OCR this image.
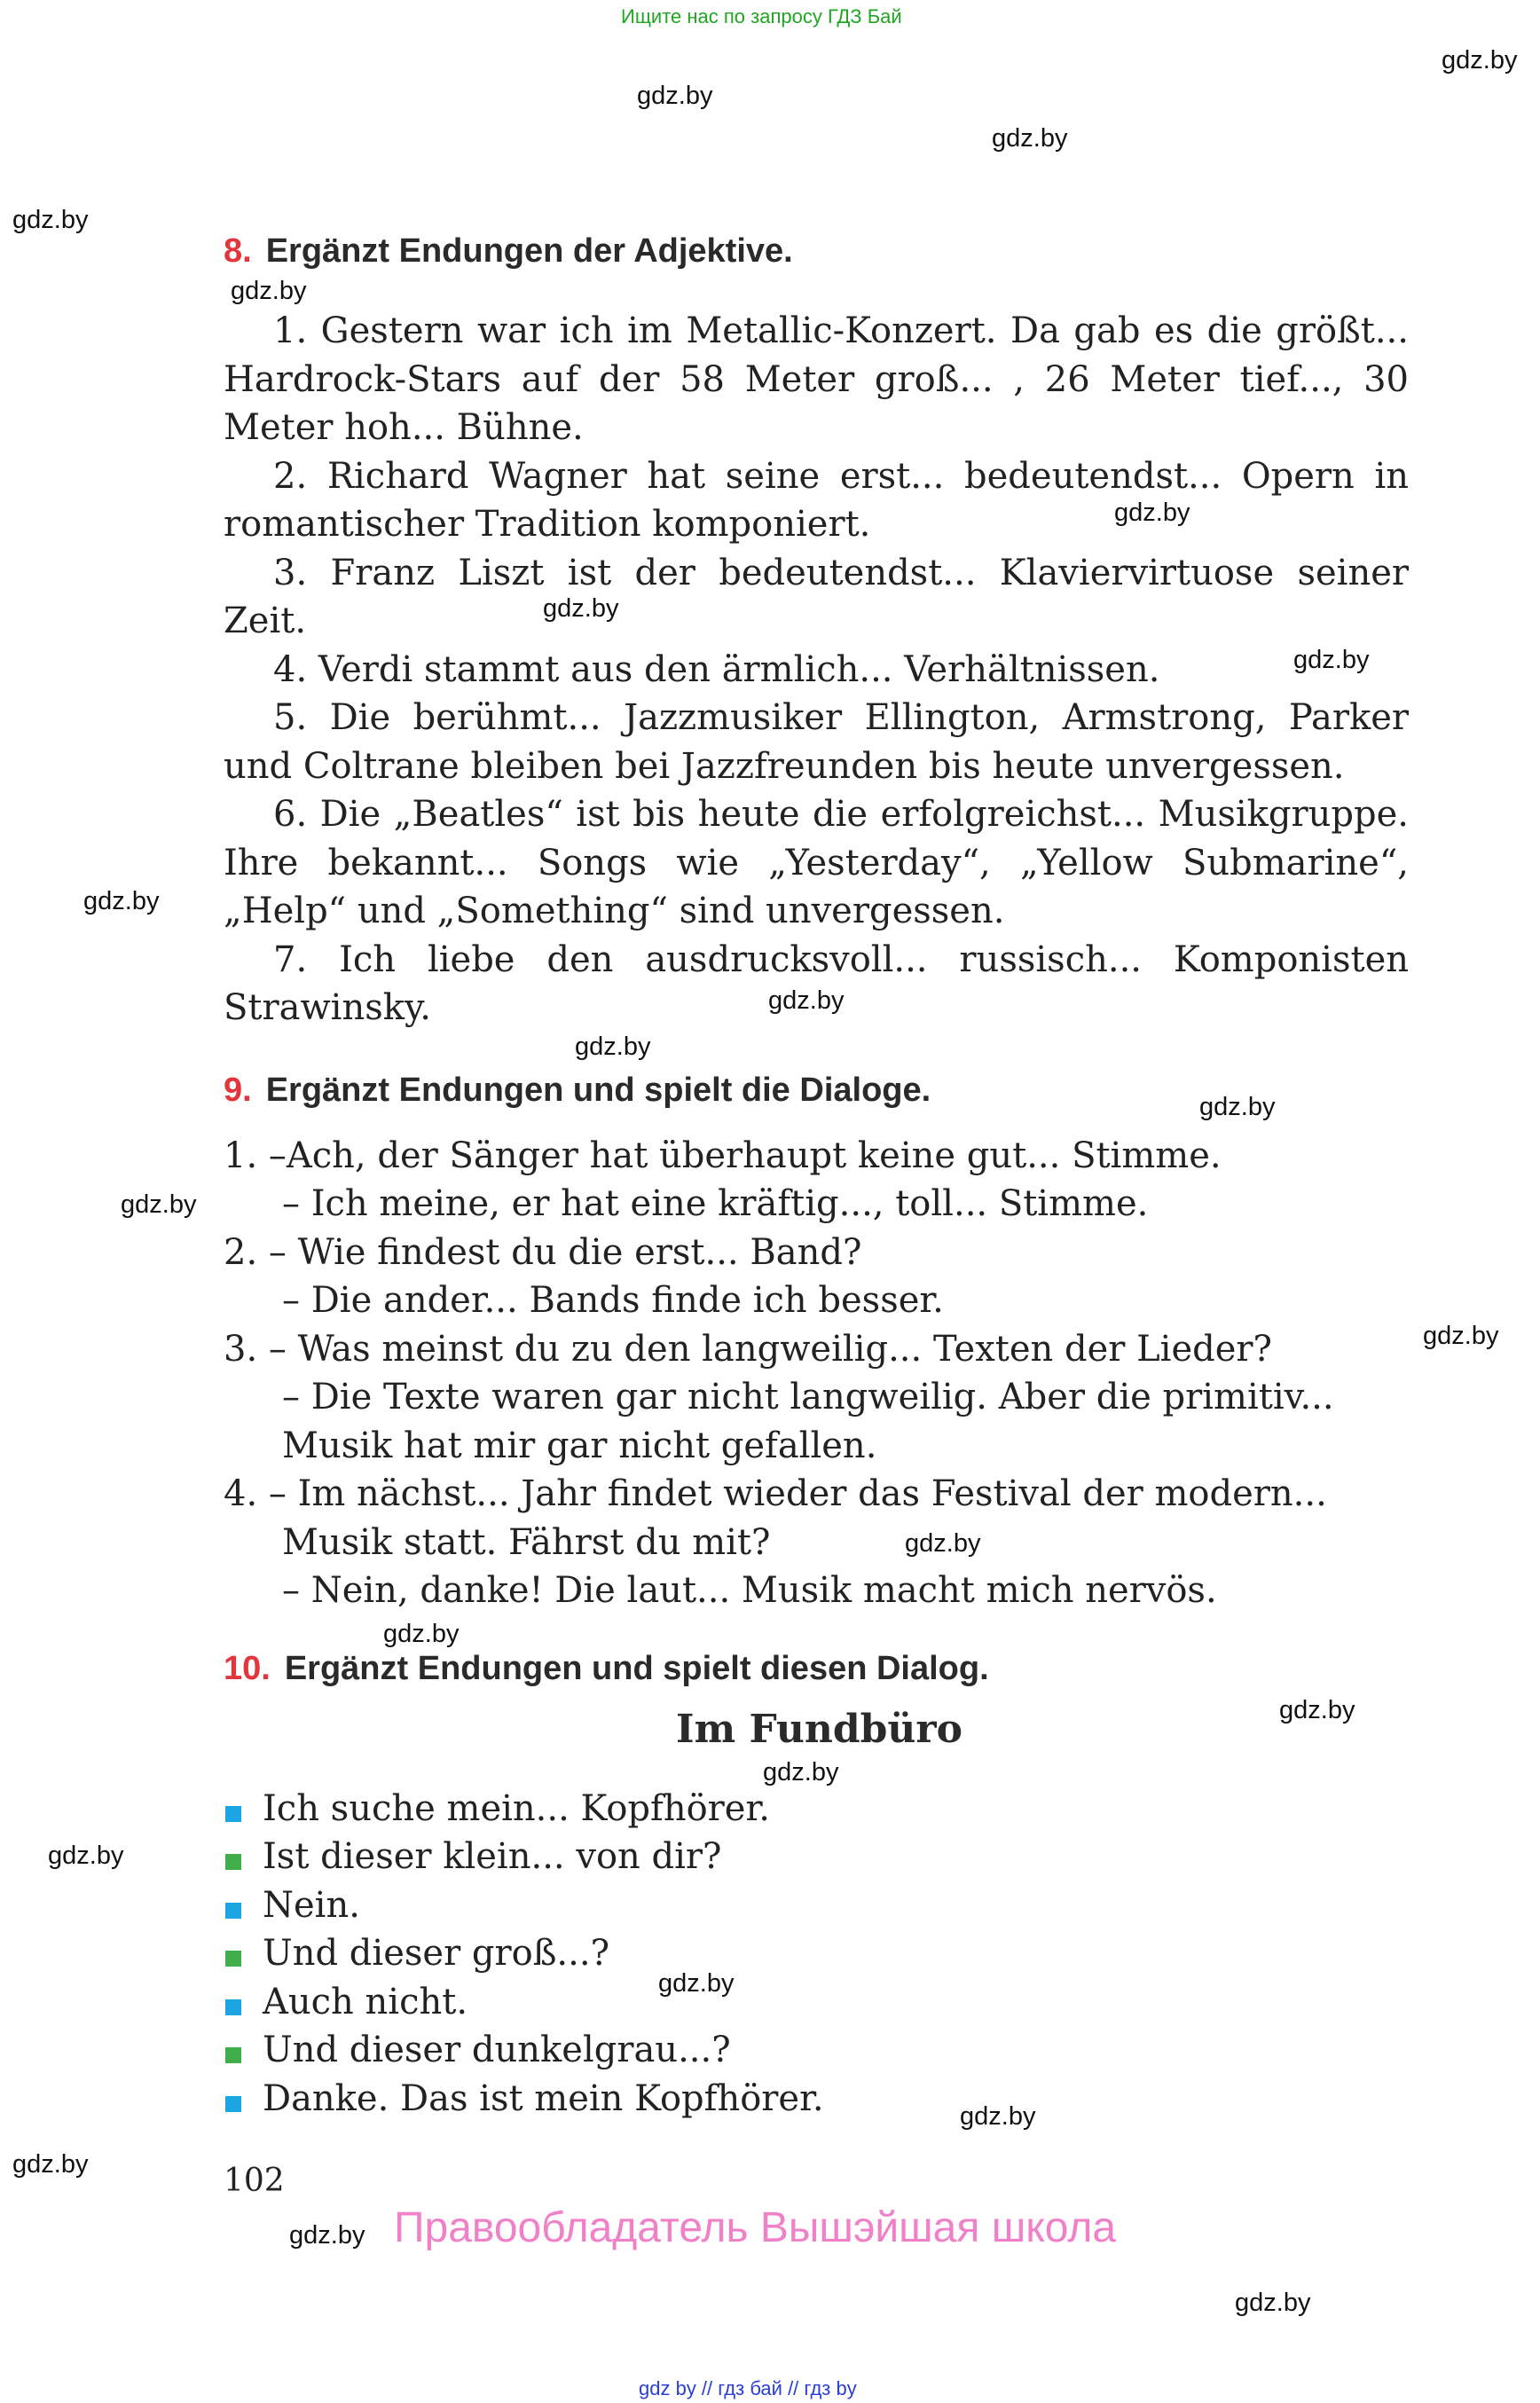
Ищите нас по запросу ГДЗ Бай
gdz.by
gdz.by
gdz.by
gdz.by
gdz.by
gdz.by
gdz.by
gdz.by
gdz.by
gdz.by
gdz.by
gdz.by
gdz.by
gdz.by
gdz.by
gdz.by
gdz.by
gdz.by
gdz.by
gdz.by
gdz.by
gdz.by
gdz.by
gdz.by
8. Ergänzt Endungen der Adjektive.

1. Gestern war ich im Metallic-Konzert. Da gab es die größt... Hardrock-Stars auf der 58 Meter groß... , 26 Meter tief..., 30 Meter hoh... Bühne.

2. Richard Wagner hat seine erst... bedeutendst... Opern in romantischer Tradition komponiert.

3. Franz Liszt ist der bedeutendst... Klaviervirtuose seiner Zeit.

4. Verdi stammt aus den ärmlich... Verhältnissen.

5. Die berühmt... Jazzmusiker Ellington, Armstrong, Parker und Coltrane bleiben bei Jazzfreunden bis heute unvergessen.

6. Die „Beatles“ ist bis heute die erfolgreichst... Musikgruppe. Ihre bekannt... Songs wie „Yesterday“, „Yellow Submarine“, „Help“ und „Something“ sind unvergessen.

7. Ich liebe den ausdrucksvoll... russisch... Komponisten Strawinsky.

9. Ergänzt Endungen und spielt die Dialoge.
1. –Ach, der Sänger hat überhaupt keine gut... Stimme.
– Ich meine, er hat eine kräftig..., toll... Stimme.
2. – Wie findest du die erst... Band?
– Die ander... Bands finde ich besser.
3. – Was meinst du zu den langweilig... Texten der Lieder?
– Die Texte waren gar nicht langweilig. Aber die primitiv...
Musik hat mir gar nicht gefallen.
4. – Im nächst... Jahr findet wieder das Festival der modern...
Musik statt. Fährst du mit?
– Nein, danke! Die laut... Musik macht mich nervös.
10. Ergänzt Endungen und spielt diesen Dialog.
Im Fundbüro
Ich suche mein... Kopfhörer.
Ist dieser klein... von dir?
Nein.
Und dieser groß...?
Auch nicht.
Und dieser dunkelgrau...?
Danke. Das ist mein Kopfhörer.
102
Правообладатель Вышэйшая школа
gdz by // гдз бай // гдз by
